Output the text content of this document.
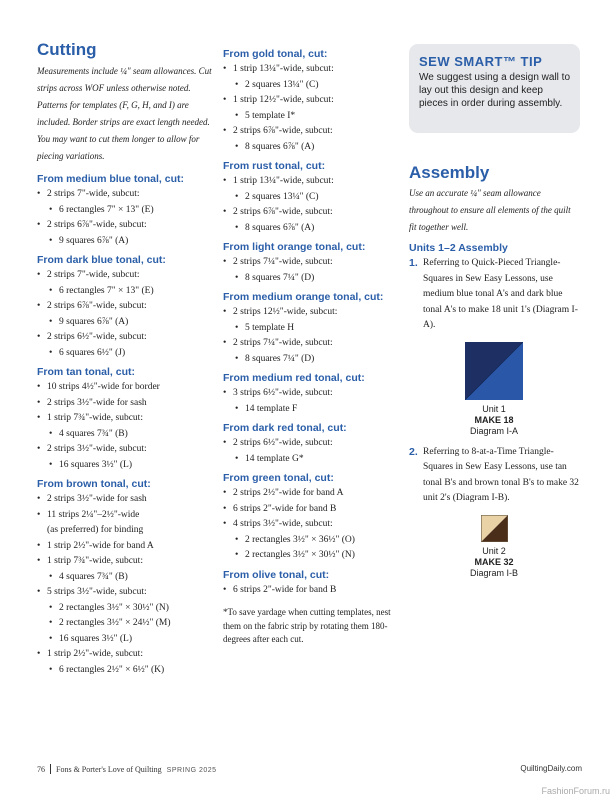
Cutting

Measurements include ¼" seam allowances. Cut strips across WOF unless otherwise noted. Patterns for templates (F, G, H, and I) are included. Border strips are exact length needed. You may want to cut them longer to allow for piecing variations.

From medium blue tonal, cut:
• 2 strips 7"-wide, subcut:
• 6 rectangles 7" × 13" (E)
• 2 strips 6⅞"-wide, subcut:
• 9 squares 6⅞" (A)
From dark blue tonal, cut:
• 2 strips 7"-wide, subcut:
• 6 rectangles 7" × 13" (E)
• 2 strips 6⅞"-wide, subcut:
• 9 squares 6⅞" (A)
• 2 strips 6½"-wide, subcut:
• 6 squares 6½" (J)
From tan tonal, cut:
• 10 strips 4½"-wide for border
• 2 strips 3½"-wide for sash
• 1 strip 7¾"-wide, subcut:
• 4 squares 7¾" (B)
• 2 strips 3½"-wide, subcut:
• 16 squares 3½" (L)
From brown tonal, cut:
• 2 strips 3½"-wide for sash
• 11 strips 2¼"–2½"-wide
(as preferred) for binding
• 1 strip 2½"-wide for band A
• 1 strip 7¾"-wide, subcut:
• 4 squares 7¾" (B)
• 5 strips 3½"-wide, subcut:
• 2 rectangles 3½" × 30½" (N)
• 2 rectangles 3½" × 24½" (M)
• 16 squares 3½" (L)
• 1 strip 2½"-wide, subcut:
• 6 rectangles 2½" × 6½" (K)
From gold tonal, cut:
• 1 strip 13¼"-wide, subcut:
• 2 squares 13¼" (C)
• 1 strip 12½"-wide, subcut:
• 5 template I*
• 2 strips 6⅞"-wide, subcut:
• 8 squares 6⅞" (A)
From rust tonal, cut:
• 1 strip 13¼"-wide, subcut:
• 2 squares 13¼" (C)
• 2 strips 6⅞"-wide, subcut:
• 8 squares 6⅞" (A)
From light orange tonal, cut:
• 2 strips 7¼"-wide, subcut:
• 8 squares 7¼" (D)
From medium orange tonal, cut:
• 2 strips 12½"-wide, subcut:
• 5 template H
• 2 strips 7¼"-wide, subcut:
• 8 squares 7¼" (D)
From medium red tonal, cut:
• 3 strips 6½"-wide, subcut:
• 14 template F
From dark red tonal, cut:
• 2 strips 6½"-wide, subcut:
• 14 template G*
From green tonal, cut:
• 2 strips 2½"-wide for band A
• 6 strips 2"-wide for band B
• 4 strips 3½"-wide, subcut:
• 2 rectangles 3½" × 36½" (O)
• 2 rectangles 3½" × 30½" (N)
From olive tonal, cut:
• 6 strips 2"-wide for band B
*To save yardage when cutting templates, nest them on the fabric strip by rotating them 180-degrees after each cut.
SEW SMART™ TIP

We suggest using a design wall to lay out this design and keep pieces in order during assembly.

Assembly

Use an accurate ¼" seam allowance throughout to ensure all elements of the quilt fit together well.

Units 1–2 Assembly
1. Referring to Quick-Pieced Triangle-Squares in Sew Easy Lessons, use medium blue tonal A's and dark blue tonal A's to make 18 unit 1's (Diagram I-A).
Unit 1
MAKE 18
Diagram I-A
2. Referring to 8-at-a-Time Triangle-Squares in Sew Easy Lessons, use tan tonal B's and brown tonal B's to make 32 unit 2's (Diagram I-B).
Unit 2
MAKE 32
Diagram I-B
76 Fons & Porter's Love of Quilting SPRING 2025	QuiltingDaily.com
FashionForum.ru
